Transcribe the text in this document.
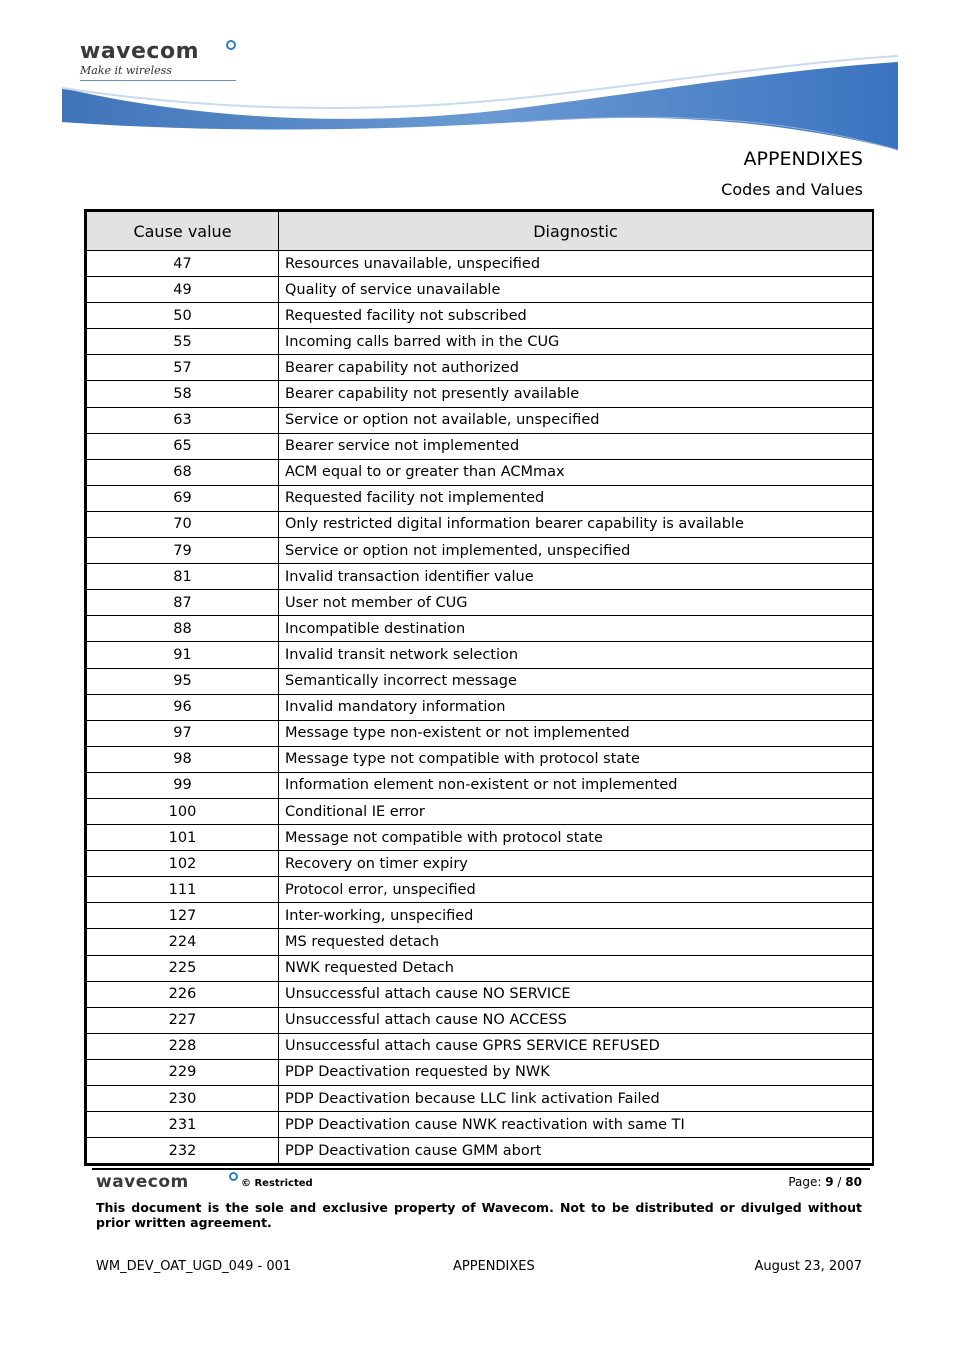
wavecom
Make it wireless
APPENDIXES
Codes and Values
Cause value	Diagnostic
47	Resources unavailable, unspecified
49	Quality of service unavailable
50	Requested facility not subscribed
55	Incoming calls barred with in the CUG
57	Bearer capability not authorized
58	Bearer capability not presently available
63	Service or option not available, unspecified
65	Bearer service not implemented
68	ACM equal to or greater than ACMmax
69	Requested facility not implemented
70	Only restricted digital information bearer capability is available
79	Service or option not implemented, unspecified
81	Invalid transaction identifier value
87	User not member of CUG
88	Incompatible destination
91	Invalid transit network selection
95	Semantically incorrect message
96	Invalid mandatory information
97	Message type non-existent or not implemented
98	Message type not compatible with protocol state
99	Information element non-existent or not implemented
100	Conditional IE error
101	Message not compatible with protocol state
102	Recovery on timer expiry
111	Protocol error, unspecified
127	Inter-working, unspecified
224	MS requested detach
225	NWK requested Detach
226	Unsuccessful attach cause NO SERVICE
227	Unsuccessful attach cause NO ACCESS
228	Unsuccessful attach cause GPRS SERVICE REFUSED
229	PDP Deactivation requested by NWK
230	PDP Deactivation because LLC link activation Failed
231	PDP Deactivation cause NWK reactivation with same TI
232	PDP Deactivation cause GMM abort
wavecom	© Restricted	Page: 9 / 80
This document is the sole and exclusive property of Wavecom. Not to be distributed or divulged without prior written agreement.
WM_DEV_OAT_UGD_049 - 001	APPENDIXES	August 23, 2007
